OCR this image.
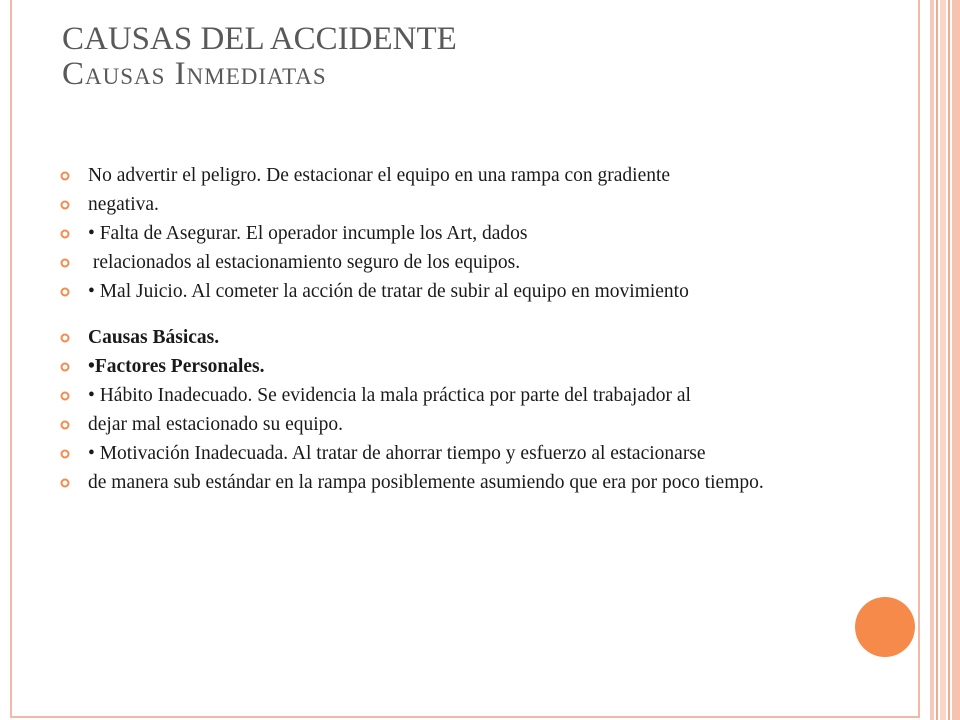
CAUSAS DEL ACCIDENTE
Causas Inmediatas
No advertir el peligro. De estacionar el equipo en una rampa con gradiente
negativa.
• Falta de Asegurar. El operador incumple los Art, dados
relacionados al estacionamiento seguro de los equipos.
• Mal Juicio. Al cometer la acción de tratar de subir al equipo en movimiento
Causas Básicas.
•Factores Personales.
• Hábito Inadecuado. Se evidencia la mala práctica por parte del trabajador al
dejar mal estacionado su equipo.
• Motivación Inadecuada. Al tratar de ahorrar tiempo y esfuerzo al estacionarse
de manera sub estándar en la rampa posiblemente asumiendo que era por poco tiempo.
